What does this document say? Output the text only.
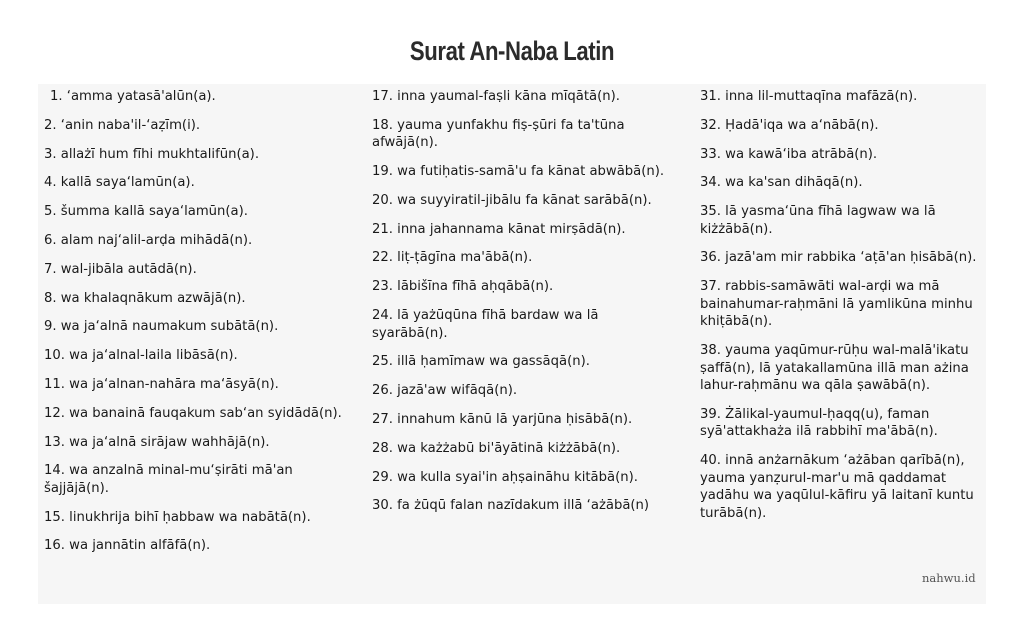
Surat An-Naba Latin

1. ‘amma yatasā'alūn(a).

2. ‘anin naba'il-‘aẓīm(i).

3. allażī hum fīhi mukhtalifūn(a).

4. kallā saya‘lamūn(a).

5. šumma kallā saya‘lamūn(a).

6. alam naj‘alil-arḍa mihādā(n).

7. wal-jibāla autādā(n).

8. wa khalaqnākum azwājā(n).

9. wa ja‘alnā naumakum subātā(n).

10. wa ja‘alnal-laila libāsā(n).

11. wa ja‘alnan-nahāra ma‘āsyā(n).

12. wa banainā fauqakum sab‘an syidādā(n).

13. wa ja‘alnā sirājaw wahhājā(n).

14. wa anzalnā minal-mu‘ṣirāti mā'an šajjājā(n).

15. linukhrija bihī ḥabbaw wa nabātā(n).

16. wa jannātin alfāfā(n).

17. inna yaumal-faṣli kāna mīqātā(n).

18. yauma yunfakhu fiṣ-ṣūri fa ta'tūna afwājā(n).

19. wa futiḥatis-samā'u fa kānat abwābā(n).

20. wa suyyiratil-jibālu fa kānat sarābā(n).

21. inna jahannama kānat mirṣādā(n).

22. liṭ-ṭāgīna ma'ābā(n).

23. lābišīna fīhā aḥqābā(n).

24. lā yażūqūna fīhā bardaw wa lā syarābā(n).

25. illā ḥamīmaw wa gassāqā(n).

26. jazā'aw wifāqā(n).

27. innahum kānū lā yarjūna ḥisābā(n).

28. wa każżabū bi'āyātinā kiżżābā(n).

29. wa kulla syai'in aḥṣaināhu kitābā(n).

30. fa żūqū falan nazīdakum illā ‘ażābā(n)

31. inna lil-muttaqīna mafāzā(n).

32. Ḥadā'iqa wa a‘nābā(n).

33. wa kawā‘iba atrābā(n).

34. wa ka'san dihāqā(n).

35. lā yasma‘ūna fīhā lagwaw wa lā kiżżābā(n).

36. jazā'am mir rabbika ‘aṭā'an ḥisābā(n).

37. rabbis-samāwāti wal-arḍi wa mā bainahumar-raḥmāni lā yamlikūna minhu khiṭābā(n).

38. yauma yaqūmur-rūḥu wal-malā'ikatu ṣaffā(n), lā yatakallamūna illā man ażina lahur-raḥmānu wa qāla ṣawābā(n).

39. Żālikal-yaumul-ḥaqq(u), faman syā'attakhaża ilā rabbihī ma'ābā(n).

40. innā anżarnākum ‘ażāban qarībā(n), yauma yanẓurul-mar'u mā qaddamat yadāhu wa yaqūlul-kāfiru yā laitanī kuntu turābā(n).

nahwu.id
